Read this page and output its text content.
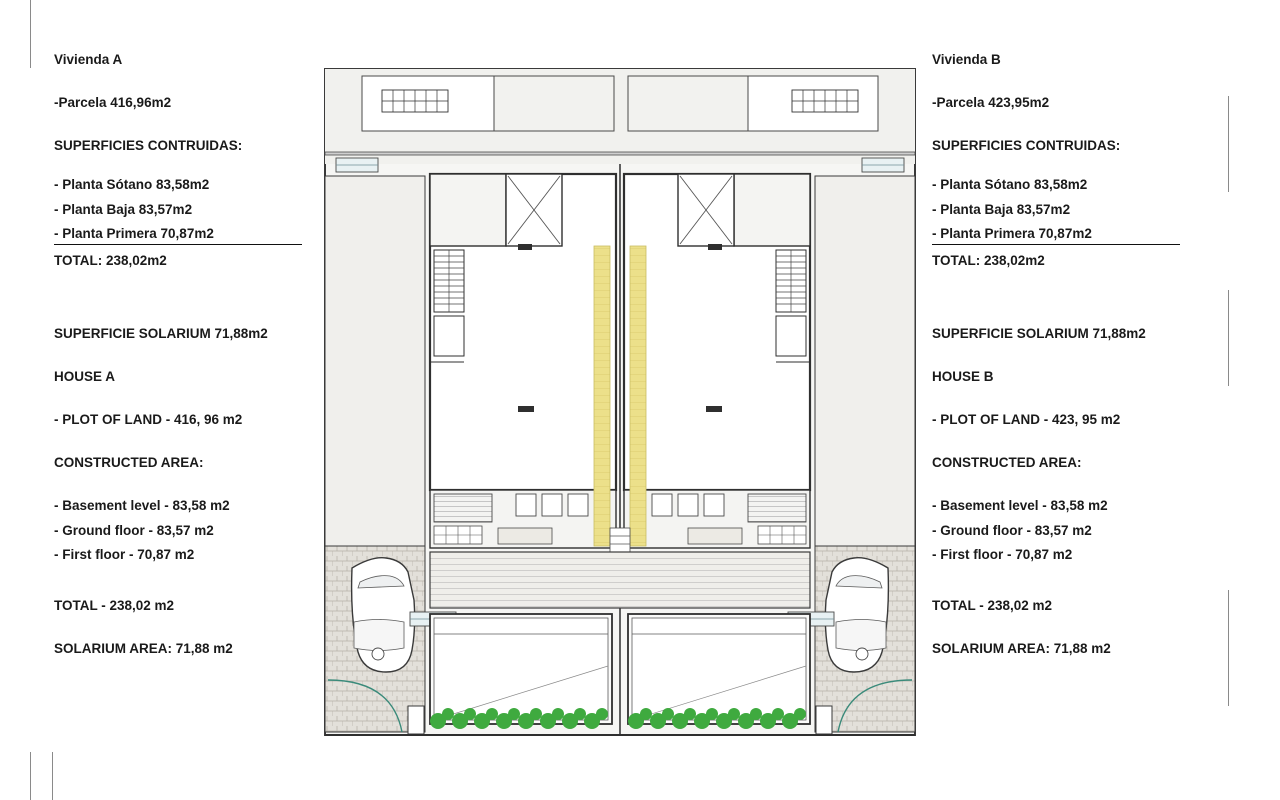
Vivienda A
-Parcela 416,96m2
SUPERFICIES CONTRUIDAS:
- Planta Sótano 83,58m2
- Planta Baja 83,57m2
- Planta Primera 70,87m2
TOTAL: 238,02m2
SUPERFICIE SOLARIUM 71,88m2
HOUSE A
- PLOT OF LAND - 416, 96 m2
CONSTRUCTED AREA:
- Basement level - 83,58 m2
- Ground floor - 83,57 m2
- First floor - 70,87 m2
TOTAL - 238,02 m2
SOLARIUM AREA: 71,88 m2
Vivienda B
-Parcela 423,95m2
SUPERFICIES CONTRUIDAS:
- Planta Sótano 83,58m2
- Planta Baja 83,57m2
- Planta Primera 70,87m2
TOTAL: 238,02m2
SUPERFICIE SOLARIUM 71,88m2
HOUSE B
- PLOT OF LAND - 423, 95 m2
CONSTRUCTED AREA:
- Basement level - 83,58 m2
- Ground floor - 83,57 m2
- First floor - 70,87 m2
TOTAL - 238,02 m2
SOLARIUM AREA: 71,88 m2
